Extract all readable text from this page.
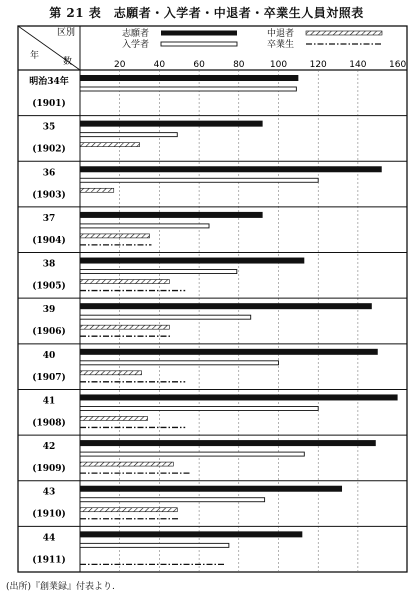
第 21 表　志願者・入学者・中退者・卒業生人員対照表
20	40	60	80	100	120	140	160
志願者
入学者
中退者
卒業生
明治34年
(1901)
35
(1902)
36
(1903)
37
(1904)
38
(1905)
39
(1906)
40
(1907)
41
(1908)
42
(1909)
43
(1910)
44
(1911)
区別
年
数
(出所)『創業録』付表より.
